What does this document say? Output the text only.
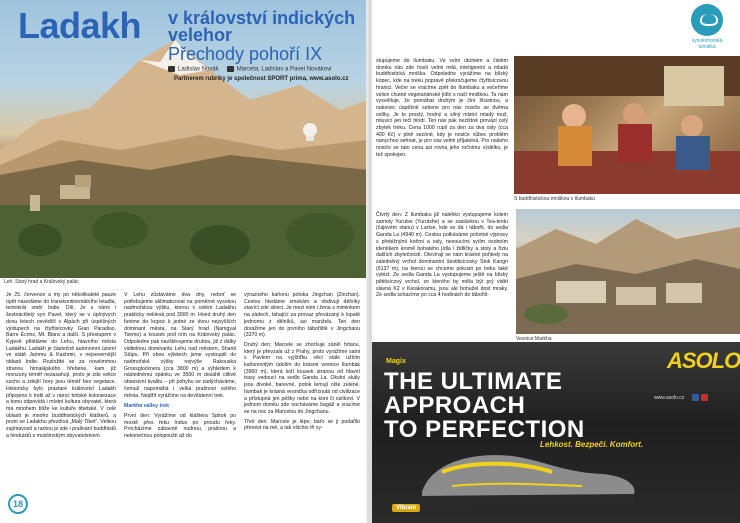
Ladakh v království indických velehor
Přechody pohoří IX
Ladislav Novák	Marcela, Ladislav a Pavel Novákovi
Partnerem rubriky je společnost SPORT prima, www.asolo.cz
Leh. Starý hrad a Královský palác

Je 25. července a my po několikaleté pauze opět nasedáme do transkontinentálního letadla, tentokrát směr Indie. Dilí, Je s námi i šestnáctiletý syn Pavel, který se v úplnývych dvou letech osvědčil v Alpách při úspěšných výstupech na čtyřtisícovky Gran Paradiso, Barre Écrins, Mt. Blanc a další. S přestupem v Kyjevě přilétáme do Lehu, hlavního města Ladakhu. Ladakh je částečně autonomní území ve státě Jammu & Kashmir, v nejsevernější oblasti Indie. Rozložité se za novéimmou stranou himalájského hřebene, kam již monzuny téměř nezasahují, proto je zde velice sucho a zdejší hory jsou téměř bez vegetace. Historicky bylo prastaré království Ladakh připojeno k Indii až v rámci britské koloniezace a tomu odpovídá i místní kultura obyvatel, která má mnohem blíže ke kultuře tibetské. V celé oblasti je mnoho buddhistických klášterů, a proto se Ladakhu přezdívá „Malý Tibet“. Velkou zajímavostí a raritou je zde i pralinání buddhistů a hinduistů s muslimským obyvatelstvem.

V Lehu zůstáváme dva dny, neboť se potřebujeme aklimatizovat na poměrně vysokou nadmořskou výšku, kterou v celém Ladakhu prakticky neklesá pod 3000 m. Hned druhý den funime do kopce k jedné ze dvou nejvyšších dominant města, na Starý hrad (Namgyal Tsemo) a kousek pod ním na Královský palác. Odpoledne pak navštěvujeme druhou, již z dálky viditelnou dominantu Lehu nad městem, Shanti Stūpu. Při obou výletech jsme vystoupili do nadmořské výšky nejvýše Rakouska Grossglockneru (cca 3800 m) a výhledem k následnému spánku ve 3500 m dosáhli citlivě obsesivní kvalitu – při pohybu se zadýcháváme, čemuž napomáhá i velká prašnost celého města. Nejdřít vyrážíme na devítidenní trek.

Markha valley trek

První den: Vyrážíme od kláštera Spitok po mostě přes řeku Indus po proudu řeky. Procházíme zábavně nudnou, prašnou a nekonečnou polopouští až do

výrazného kaňonu potoka Jingchan (Zinchan). Cestou hledáme smekám a obdivujl dělníky stavící zde silnici. Je mezi nimi i žena s miminkem na zádech, tahající za provaz převázaný k lopatě jednomu z dělníků, asi manželu. Ten den dorážíme jen do prvního tábořiště v Jingchanu (3370 m).

Druhý den: Marcele se zhoršuje záněl hrtanu, který je převzala už z Prahy, proto vyrážíme sami s Pavlem na vyjížďku věcí stále užším kaňonovitým údolím do krásné vesnice Ilumbak (3960 m), která leží kousek stranou od hlavní trasy vedoucí na sedlo Ganda La. Okolní skály jsou divoké, barevné, potok lemují olše zelené. Ilumbak je krásná vesnička odříznutá od civilizace a přístupná jen pěšky nebo na koni či oslíkovi. V jednom domku zde nocháváme bagáž a vracíme se na noc za Marcelou do Jingchanu.

Třetí den: Marcele je lépe, baťo se ji podařilo přenést na mě, a tak všichni tři vy-

18

stupujeme do Ilumbaku. Ve vsím útulném a čistém domku nás zde hostí velmi milá, inteligentní a mladá buddhistická mniška. Odpoledne vyrážíme na blízký kopec, kde na treku popravě překročujeme čtyřtisícovou hranici. Večer se vracíme zpět do Ilumbaku a večeříme velice chutné vegetariánské jídlo s naší mniškou. Ta nám vysvětluje, že pomáhat druhým je činí šťastnou, a nakonec úspěšně sešene pro nás nosiče se dvěma oslíky. Je to prostý, hodný a silný mlstní mladý muž, mluvící jen tečí hindí. Ten nás pak nezištně provází celý zbytek treku. Cena 1000 rupií za den za dva osly (cca 400 Kč) v plné sezóně, kdy je nosiče vůbec problém nanychno sehnat, je pro nás velmi příjatelná. Pro našeho nosiče se tato cena asi rovná jeho ročnímu výdělku, je tež spokojen.

vysokohorská
turistika
S buddhistickou mniškou v Ilumbaku

Čtvrtý den: Z Ilumbaku již nalehko vystupujeme kolem samoty Yurutse (Yurutshe) a se zastávkou v Tea-tentu (čajovém stanu) v Lartse, kde se dá i tábořit, do sedla Ganda La (4940 m). Cestou potkáváme početné výpravy s přetéžnými koňmi a osly, nesoucími sytím osobním identíkem kromě bohatého jídla i židličky a stoly a řiziu dalších zbytečností. Otevírají se nám krásné pohledy na zaledněný vrchol dominantní šestitisícovky Stok Kangri (6137 m), na kterou se chceme pokusit po treku také vylézt. Ze sedla Ganda La vystupujeme ještě na blízký pětitisícový vrchol, ze kterého by měla být prý vidět slavná K2 v Karakoramu, jsou ale bohužel dost mraky. Ze sedla scházíme po cca 4 hodinách do tábořiš-

Vesnice Markha
Magix	ASOLO
www.asolo.cz
THE ULTIMATE
APPROACH
TO PERFECTION
Lehkost. Bezpečí. Komfort.
Vibram
